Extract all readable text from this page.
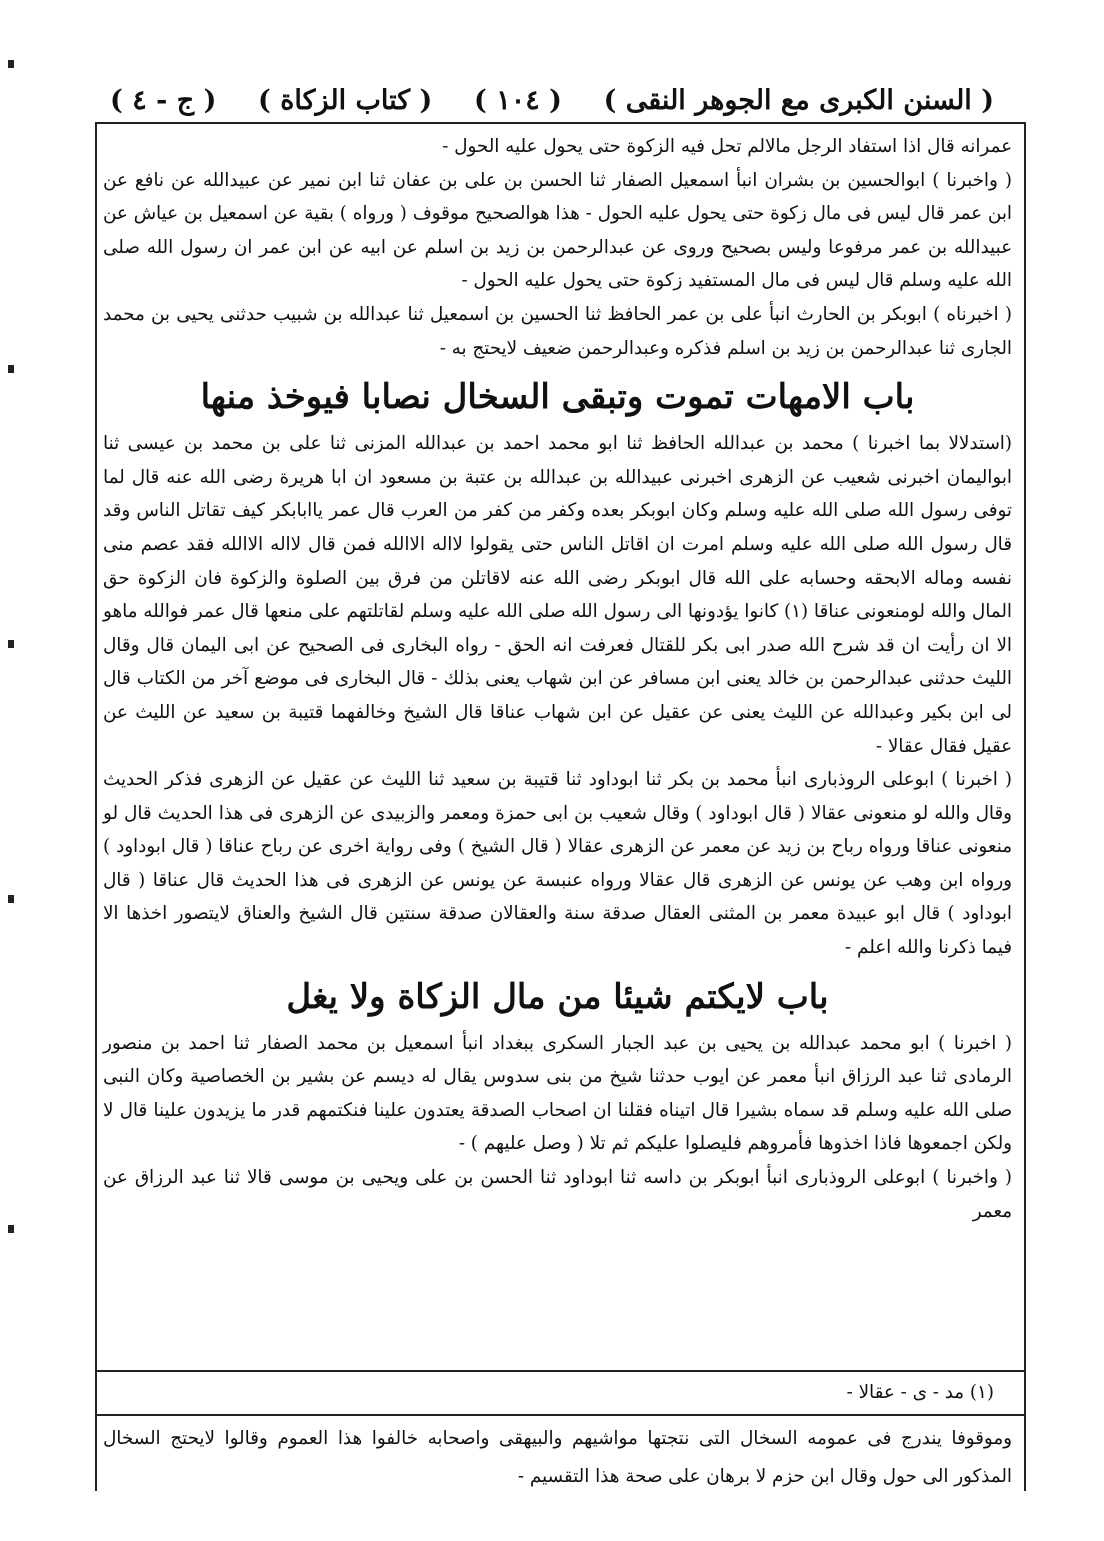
( السنن الكبرى مع الجوهر النقى )
( ١٠٤ )
( كتاب الزكاة )
( ج - ٤ )

عمرانه قال اذا استفاد الرجل مالالم تحل فيه الزكوة حتى يحول عليه الحول -

( واخبرنا ) ابوالحسين بن بشران انبأ اسمعيل الصفار ثنا الحسن بن على بن عفان ثنا ابن نمير عن عبيدالله عن نافع عن ابن عمر قال ليس فى مال زكوة حتى يحول عليه الحول - هذا هوالصحيح موقوف ( ورواه ) بقية عن اسمعيل بن عياش عن عبيدالله بن عمر مرفوعا وليس بصحيح وروى عن عبدالرحمن بن زيد بن اسلم عن ابيه عن ابن عمر ان رسول الله صلى الله عليه وسلم قال ليس فى مال المستفيد زكوة حتى يحول عليه الحول -

( اخبرناه ) ابوبكر بن الحارث انبأ على بن عمر الحافظ ثنا الحسين بن اسمعيل ثنا عبدالله بن شبيب حدثنى يحيى بن محمد الجارى ثنا عبدالرحمن بن زيد بن اسلم فذكره وعبدالرحمن ضعيف لايحتج به -

باب الامهات تموت وتبقى السخال نصابا فيوخذ منها

(استدلالا بما اخبرنا ) محمد بن عبدالله الحافظ ثنا ابو محمد احمد بن عبدالله المزنى ثنا على بن محمد بن عيسى ثنا ابواليمان اخبرنى شعيب عن الزهرى اخبرنى عبيدالله بن عبدالله بن عتبة بن مسعود ان ابا هريرة رضى الله عنه قال لما توفى رسول الله صلى الله عليه وسلم وكان ابوبكر بعده وكفر من كفر من العرب قال عمر ياابابكر كيف تقاتل الناس وقد قال رسول الله صلى الله عليه وسلم امرت ان اقاتل الناس حتى يقولوا لااله الاالله فمن قال لااله الاالله فقد عصم منى نفسه وماله الابحقه وحسابه على الله قال ابوبكر رضى الله عنه لاقاتلن من فرق بين الصلوة والزكوة فان الزكوة حق المال والله لومنعونى عناقا (١) كانوا يؤدونها الى رسول الله صلى الله عليه وسلم لقاتلتهم على منعها قال عمر فوالله ماهو الا ان رأيت ان قد شرح الله صدر ابى بكر للقتال فعرفت انه الحق - رواه البخارى فى الصحيح عن ابى اليمان قال وقال الليث حدثنى عبدالرحمن بن خالد يعنى ابن مسافر عن ابن شهاب يعنى بذلك - قال البخارى فى موضع آخر من الكتاب قال لى ابن بكير وعبدالله عن الليث يعنى عن عقيل عن ابن شهاب عناقا قال الشيخ وخالفهما قتيبة بن سعيد عن الليث عن عقيل فقال عقالا -

( اخبرنا ) ابوعلى الروذبارى انبأ محمد بن بكر ثنا ابوداود ثنا قتيبة بن سعيد ثنا الليث عن عقيل عن الزهرى فذكر الحديث وقال والله لو منعونى عقالا ( قال ابوداود ) وقال شعيب بن ابى حمزة ومعمر والزبيدى عن الزهرى فى هذا الحديث قال لو منعونى عناقا ورواه رباح بن زيد عن معمر عن الزهرى عقالا ( قال الشيخ ) وفى رواية اخرى عن رباح عناقا ( قال ابوداود ) ورواه ابن وهب عن يونس عن الزهرى قال عقالا ورواه عنبسة عن يونس عن الزهرى فى هذا الحديث قال عناقا ( قال ابوداود ) قال ابو عبيدة معمر بن المثنى العقال صدقة سنة والعقالان صدقة سنتين قال الشيخ والعناق لايتصور اخذها الا فيما ذكرنا والله اعلم -

باب لايكتم شيئا من مال الزكاة ولا يغل

( اخبرنا ) ابو محمد عبدالله بن يحيى بن عبد الجبار السكرى ببغداد انبأ اسمعيل بن محمد الصفار ثنا احمد بن منصور الرمادى ثنا عبد الرزاق انبأ معمر عن ايوب حدثنا شيخ من بنى سدوس يقال له ديسم عن بشير بن الخصاصية وكان النبى صلى الله عليه وسلم قد سماه بشيرا قال اتيناه فقلنا ان اصحاب الصدقة يعتدون علينا فنكتمهم قدر ما يزيدون علينا قال لا ولكن اجمعوها فاذا اخذوها فأمروهم فليصلوا عليكم ثم تلا ( وصل عليهم ) -

( واخبرنا ) ابوعلى الروذبارى انبأ ابوبكر بن داسه ثنا ابوداود ثنا الحسن بن على ويحيى بن موسى قالا ثنا عبد الرزاق عن معمر

(١) مد - ى - عقالا -
وموقوفا يندرج فى عمومه السخال التى نتجتها مواشيهم والبيهقى واصحابه خالفوا هذا العموم وقالوا لايحتج السخال المذكور الى حول وقال ابن حزم لا برهان على صحة هذا التقسيم -
